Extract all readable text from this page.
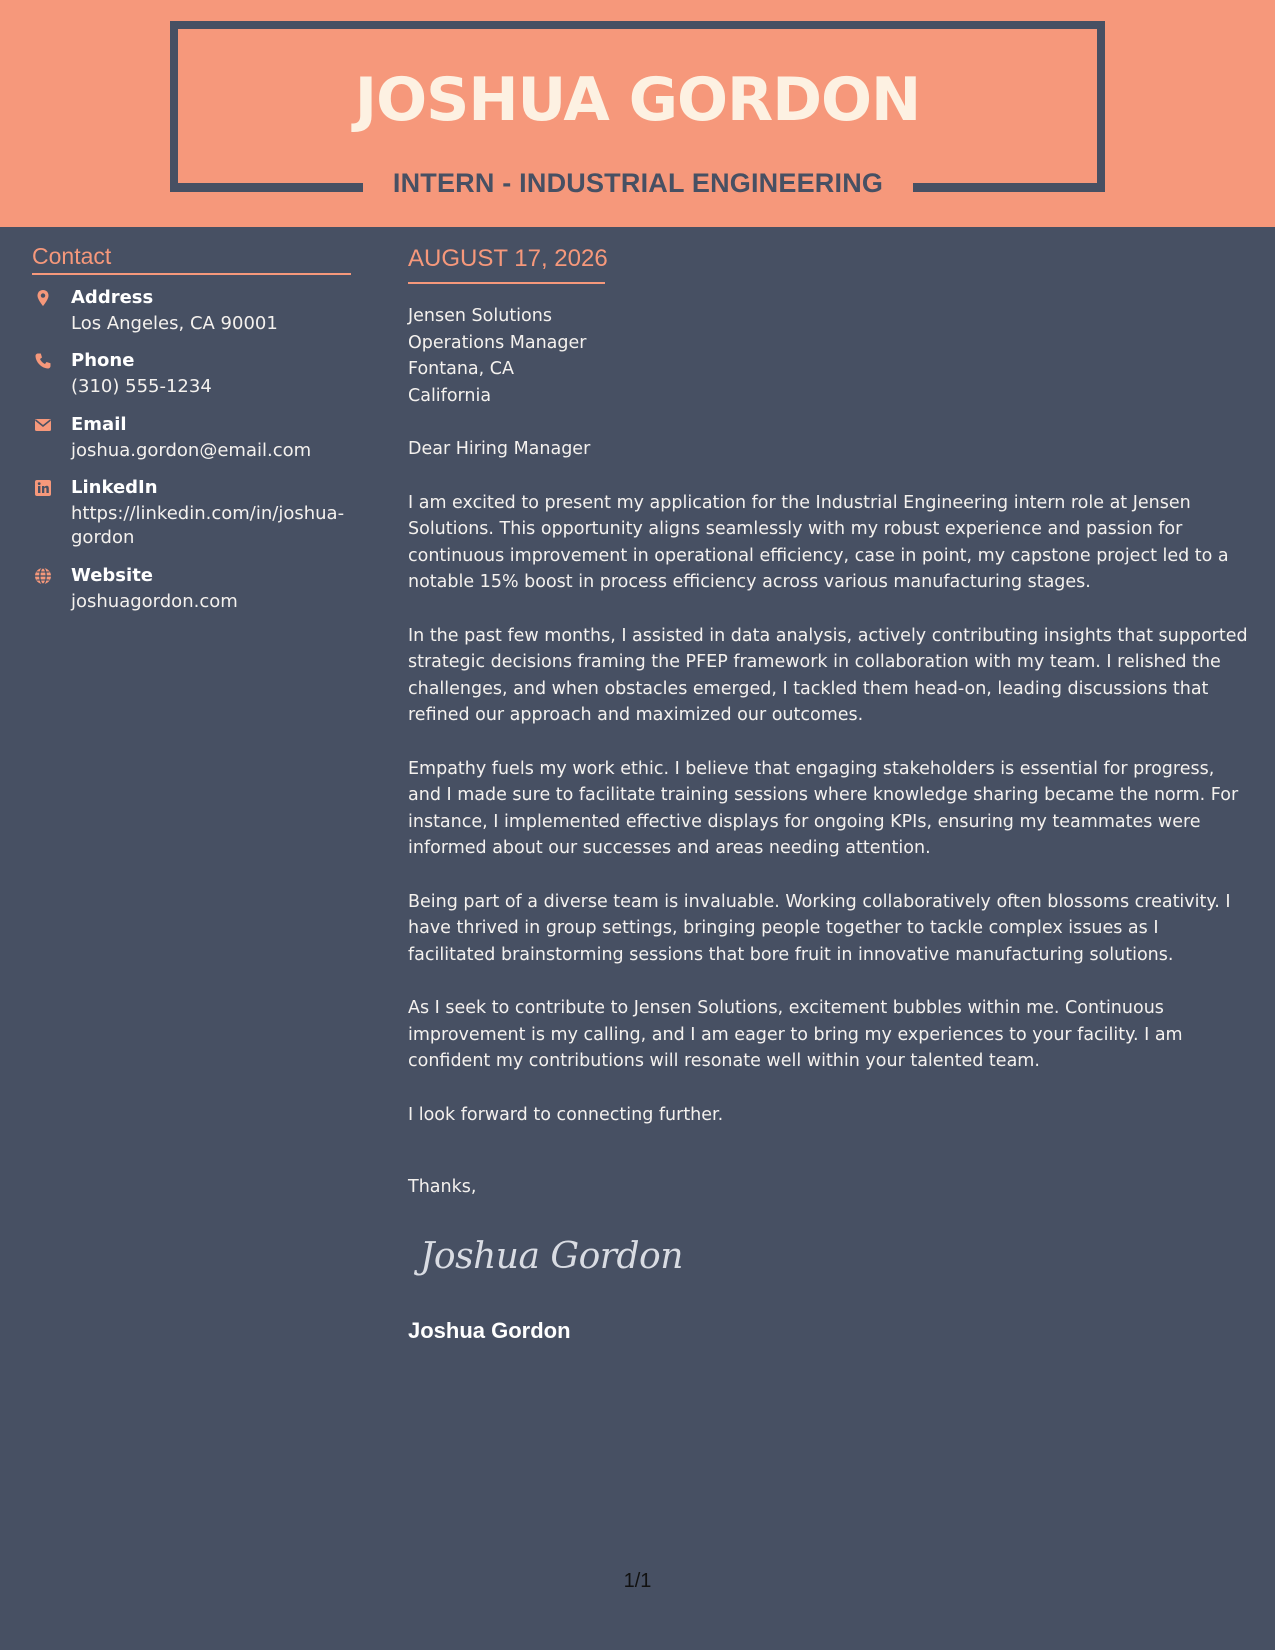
JOSHUA GORDON
INTERN - INDUSTRIAL ENGINEERING
Contact
Address
Los Angeles, CA 90001
Phone
(310) 555-1234
Email
joshua.gordon@email.com
LinkedIn
https://linkedin.com/in/joshua-gordon
Website
joshuagordon.com
AUGUST 17, 2026
Jensen Solutions
Operations Manager
Fontana, CA
California

Dear Hiring Manager

I am excited to present my application for the Industrial Engineering intern role at Jensen Solutions. This opportunity aligns seamlessly with my robust experience and passion for continuous improvement in operational efficiency, case in point, my capstone project led to a notable 15% boost in process efficiency across various manufacturing stages.

In the past few months, I assisted in data analysis, actively contributing insights that supported strategic decisions framing the PFEP framework in collaboration with my team. I relished the challenges, and when obstacles emerged, I tackled them head-on, leading discussions that refined our approach and maximized our outcomes.

Empathy fuels my work ethic. I believe that engaging stakeholders is essential for progress, and I made sure to facilitate training sessions where knowledge sharing became the norm. For instance, I implemented effective displays for ongoing KPIs, ensuring my teammates were informed about our successes and areas needing attention.

Being part of a diverse team is invaluable. Working collaboratively often blossoms creativity. I have thrived in group settings, bringing people together to tackle complex issues as I facilitated brainstorming sessions that bore fruit in innovative manufacturing solutions.

As I seek to contribute to Jensen Solutions, excitement bubbles within me. Continuous improvement is my calling, and I am eager to bring my experiences to your facility. I am confident my contributions will resonate well within your talented team.

I look forward to connecting further.

Thanks,
Joshua Gordon
Joshua Gordon
1/1
